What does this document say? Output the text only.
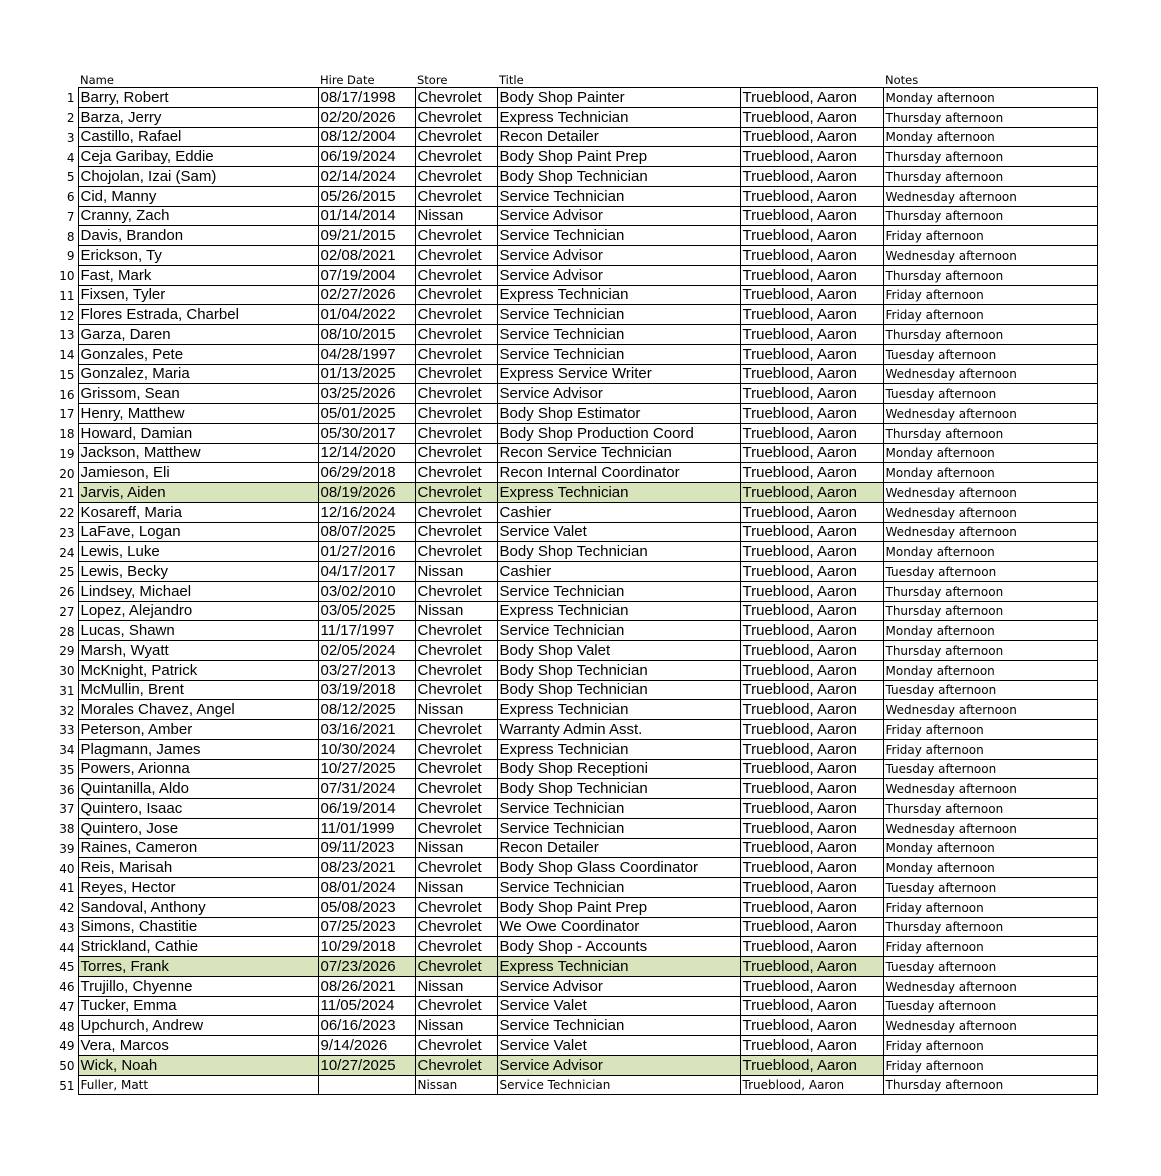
	Name	Hire Date	Store	Title		Notes
1	Barry, Robert	08/17/1998	Chevrolet	Body Shop Painter	Trueblood, Aaron	Monday afternoon
2	Barza, Jerry	02/20/2026	Chevrolet	Express Technician	Trueblood, Aaron	Thursday afternoon
3	Castillo, Rafael	08/12/2004	Chevrolet	Recon Detailer	Trueblood, Aaron	Monday afternoon
4	Ceja Garibay, Eddie	06/19/2024	Chevrolet	Body Shop Paint Prep	Trueblood, Aaron	Thursday afternoon
5	Chojolan, Izai (Sam)	02/14/2024	Chevrolet	Body Shop Technician	Trueblood, Aaron	Thursday afternoon
6	Cid, Manny	05/26/2015	Chevrolet	Service Technician	Trueblood, Aaron	Wednesday afternoon
7	Cranny, Zach	01/14/2014	Nissan	Service Advisor	Trueblood, Aaron	Thursday afternoon
8	Davis, Brandon	09/21/2015	Chevrolet	Service Technician	Trueblood, Aaron	Friday afternoon
9	Erickson, Ty	02/08/2021	Chevrolet	Service Advisor	Trueblood, Aaron	Wednesday afternoon
10	Fast, Mark	07/19/2004	Chevrolet	Service Advisor	Trueblood, Aaron	Thursday afternoon
11	Fixsen, Tyler	02/27/2026	Chevrolet	Express Technician	Trueblood, Aaron	Friday afternoon
12	Flores Estrada, Charbel	01/04/2022	Chevrolet	Service Technician	Trueblood, Aaron	Friday afternoon
13	Garza, Daren	08/10/2015	Chevrolet	Service Technician	Trueblood, Aaron	Thursday afternoon
14	Gonzales, Pete	04/28/1997	Chevrolet	Service Technician	Trueblood, Aaron	Tuesday afternoon
15	Gonzalez, Maria	01/13/2025	Chevrolet	Express Service Writer	Trueblood, Aaron	Wednesday afternoon
16	Grissom, Sean	03/25/2026	Chevrolet	Service Advisor	Trueblood, Aaron	Tuesday afternoon
17	Henry, Matthew	05/01/2025	Chevrolet	Body Shop Estimator	Trueblood, Aaron	Wednesday afternoon
18	Howard, Damian	05/30/2017	Chevrolet	Body Shop Production Coord	Trueblood, Aaron	Thursday afternoon
19	Jackson, Matthew	12/14/2020	Chevrolet	Recon Service Technician	Trueblood, Aaron	Monday afternoon
20	Jamieson, Eli	06/29/2018	Chevrolet	Recon Internal Coordinator	Trueblood, Aaron	Monday afternoon
21	Jarvis, Aiden	08/19/2026	Chevrolet	Express Technician	Trueblood, Aaron	Wednesday afternoon
22	Kosareff, Maria	12/16/2024	Chevrolet	Cashier	Trueblood, Aaron	Wednesday afternoon
23	LaFave, Logan	08/07/2025	Chevrolet	Service Valet	Trueblood, Aaron	Wednesday afternoon
24	Lewis, Luke	01/27/2016	Chevrolet	Body Shop Technician	Trueblood, Aaron	Monday afternoon
25	Lewis, Becky	04/17/2017	Nissan	Cashier	Trueblood, Aaron	Tuesday afternoon
26	Lindsey, Michael	03/02/2010	Chevrolet	Service Technician	Trueblood, Aaron	Thursday afternoon
27	Lopez, Alejandro	03/05/2025	Nissan	Express Technician	Trueblood, Aaron	Thursday afternoon
28	Lucas, Shawn	11/17/1997	Chevrolet	Service Technician	Trueblood, Aaron	Monday afternoon
29	Marsh, Wyatt	02/05/2024	Chevrolet	Body Shop Valet	Trueblood, Aaron	Thursday afternoon
30	McKnight, Patrick	03/27/2013	Chevrolet	Body Shop Technician	Trueblood, Aaron	Monday afternoon
31	McMullin, Brent	03/19/2018	Chevrolet	Body Shop Technician	Trueblood, Aaron	Tuesday afternoon
32	Morales Chavez, Angel	08/12/2025	Nissan	Express Technician	Trueblood, Aaron	Wednesday afternoon
33	Peterson, Amber	03/16/2021	Chevrolet	Warranty Admin Asst.	Trueblood, Aaron	Friday afternoon
34	Plagmann, James	10/30/2024	Chevrolet	Express Technician	Trueblood, Aaron	Friday afternoon
35	Powers, Arionna	10/27/2025	Chevrolet	Body Shop Receptioni	Trueblood, Aaron	Tuesday afternoon
36	Quintanilla, Aldo	07/31/2024	Chevrolet	Body Shop Technician	Trueblood, Aaron	Wednesday afternoon
37	Quintero, Isaac	06/19/2014	Chevrolet	Service Technician	Trueblood, Aaron	Thursday afternoon
38	Quintero, Jose	11/01/1999	Chevrolet	Service Technician	Trueblood, Aaron	Wednesday afternoon
39	Raines, Cameron	09/11/2023	Nissan	Recon Detailer	Trueblood, Aaron	Monday afternoon
40	Reis, Marisah	08/23/2021	Chevrolet	Body Shop Glass Coordinator	Trueblood, Aaron	Monday afternoon
41	Reyes, Hector	08/01/2024	Nissan	Service Technician	Trueblood, Aaron	Tuesday afternoon
42	Sandoval, Anthony	05/08/2023	Chevrolet	Body Shop Paint Prep	Trueblood, Aaron	Friday afternoon
43	Simons, Chastitie	07/25/2023	Chevrolet	We Owe Coordinator	Trueblood, Aaron	Thursday afternoon
44	Strickland, Cathie	10/29/2018	Chevrolet	Body Shop - Accounts	Trueblood, Aaron	Friday afternoon
45	Torres, Frank	07/23/2026	Chevrolet	Express Technician	Trueblood, Aaron	Tuesday afternoon
46	Trujillo, Chyenne	08/26/2021	Nissan	Service Advisor	Trueblood, Aaron	Wednesday afternoon
47	Tucker, Emma	11/05/2024	Chevrolet	Service Valet	Trueblood, Aaron	Tuesday afternoon
48	Upchurch, Andrew	06/16/2023	Nissan	Service Technician	Trueblood, Aaron	Wednesday afternoon
49	Vera, Marcos	9/14/2026	Chevrolet	Service Valet	Trueblood, Aaron	Friday afternoon
50	Wick, Noah	10/27/2025	Chevrolet	Service Advisor	Trueblood, Aaron	Friday afternoon
51	Fuller, Matt		Nissan	Service Technician	Trueblood, Aaron	Thursday afternoon
